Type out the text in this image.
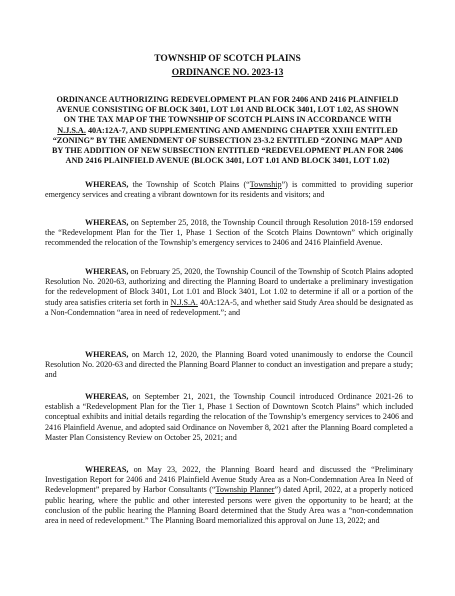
TOWNSHIP OF SCOTCH PLAINS
ORDINANCE NO. 2023-13
ORDINANCE AUTHORIZING REDEVELOPMENT PLAN FOR 2406 AND 2416 PLAINFIELD AVENUE CONSISTING OF BLOCK 3401, LOT 1.01 AND BLOCK 3401, LOT 1.02, AS SHOWN ON THE TAX MAP OF THE TOWNSHIP OF SCOTCH PLAINS IN ACCORDANCE WITH N.J.S.A. 40A:12A-7, AND SUPPLEMENTING AND AMENDING CHAPTER XXIII ENTITLED “ZONING” BY THE AMENDMENT OF SUBSECTION 23-3.2 ENTITLED “ZONING MAP” AND BY THE ADDITION OF NEW SUBSECTION ENTITLED “REDEVELOPMENT PLAN FOR 2406 AND 2416 PLAINFIELD AVENUE (BLOCK 3401, LOT 1.01 AND BLOCK 3401, LOT 1.02)

WHEREAS, the Township of Scotch Plains (“Township”) is committed to providing superior emergency services and creating a vibrant downtown for its residents and visitors; and

WHEREAS, on September 25, 2018, the Township Council through Resolution 2018-159 endorsed the “Redevelopment Plan for the Tier 1, Phase 1 Section of the Scotch Plains Downtown” which originally recommended the relocation of the Township’s emergency services to 2406 and 2416 Plainfield Avenue.

WHEREAS, on February 25, 2020, the Township Council of the Township of Scotch Plains adopted Resolution No. 2020-63, authorizing and directing the Planning Board to undertake a preliminary investigation for the redevelopment of Block 3401, Lot 1.01 and Block 3401, Lot 1.02 to determine if all or a portion of the study area satisfies criteria set forth in N.J.S.A. 40A:12A-5, and whether said Study Area should be designated as a Non-Condemnation “area in need of redevelopment.”; and

WHEREAS, on March 12, 2020, the Planning Board voted unanimously to endorse the Council Resolution No. 2020-63 and directed the Planning Board Planner to conduct an investigation and prepare a study; and

WHEREAS, on September 21, 2021, the Township Council introduced Ordinance 2021-26 to establish a “Redevelopment Plan for the Tier 1, Phase 1 Section of Downtown Scotch Plains” which included conceptual exhibits and initial details regarding the relocation of the Township’s emergency services to 2406 and 2416 Plainfield Avenue, and adopted said Ordinance on November 8, 2021 after the Planning Board completed a Master Plan Consistency Review on October 25, 2021; and

WHEREAS, on May 23, 2022, the Planning Board heard and discussed the “Preliminary Investigation Report for 2406 and 2416 Plainfield Avenue Study Area as a Non-Condemnation Area In Need of Redevelopment” prepared by Harbor Consultants (“Township Planner”) dated April, 2022, at a properly noticed public hearing, where the public and other interested persons were given the opportunity to be heard; at the conclusion of the public hearing the Planning Board determined that the Study Area was a “non-condemnation area in need of redevelopment.” The Planning Board memorialized this approval on June 13, 2022; and
